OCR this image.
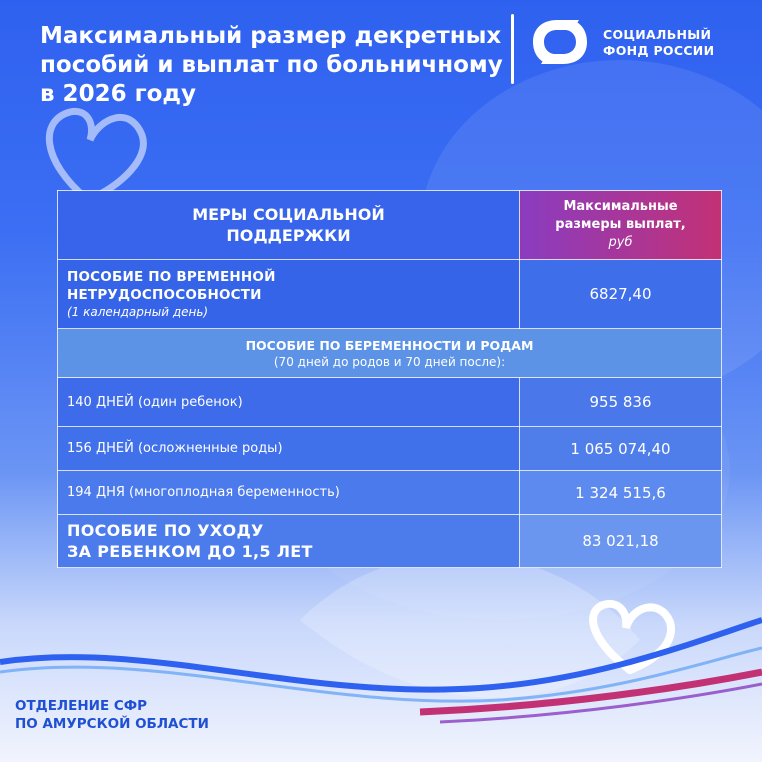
Максимальный размер декретных
пособий и выплат по больничному
в 2026 году
СОЦИАЛЬНЫЙ
ФОНД РОССИИ
МЕРЫ СОЦИАЛЬНОЙ
ПОДДЕРЖКИ	Максимальные
размеры выплат,
руб

ПОСОБИЕ ПО ВРЕМЕННОЙ
НЕТРУДОСПОСОБНОСТИ
(1 календарный день)	6827,40

ПОСОБИЕ ПО БЕРЕМЕННОСТИ И РОДАМ
(70 дней до родов и 70 дней после):	

140 ДНЕЙ (один ребенок)	955 836
156 ДНЕЙ (осложненные роды)	1 065 074,40
194 ДНЯ (многоплодная беременность)	1 324 515,6

ПОСОБИЕ ПО УХОДУ
ЗА РЕБЕНКОМ ДО 1,5 ЛЕТ	83 021,18
ОТДЕЛЕНИЕ СФР
ПО АМУРСКОЙ ОБЛАСТИ
